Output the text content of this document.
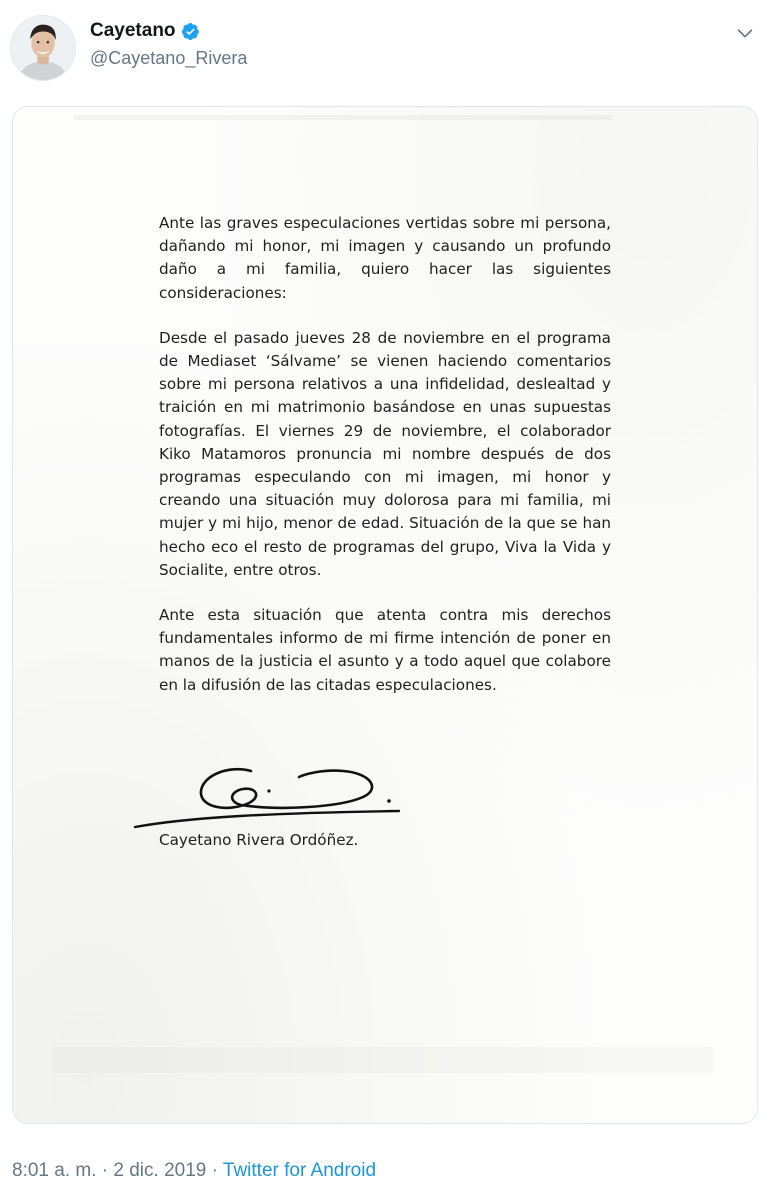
Cayetano
@Cayetano_Rivera

Ante las graves especulaciones vertidas sobre mi persona, dañando mi honor, mi imagen y causando un profundo daño a mi familia, quiero hacer las siguientes consideraciones:

Desde el pasado jueves 28 de noviembre en el programa de Mediaset ‘Sálvame’ se vienen haciendo comentarios sobre mi persona relativos a una infidelidad, deslealtad y traición en mi matrimonio basándose en unas supuestas fotografías. El viernes 29 de noviembre, el colaborador Kiko Matamoros pronuncia mi nombre después de dos programas especulando con mi imagen, mi honor y creando una situación muy dolorosa para mi familia, mi mujer y mi hijo, menor de edad. Situación de la que se han hecho eco el resto de programas del grupo, Viva la Vida y Socialite, entre otros.

Ante esta situación que atenta contra mis derechos fundamentales informo de mi firme intención de poner en manos de la justicia el asunto y a todo aquel que colabore en la difusión de las citadas especulaciones.

Cayetano Rivera Ordóñez.
8:01 a. m. · 2 dic. 2019 · Twitter for Android
